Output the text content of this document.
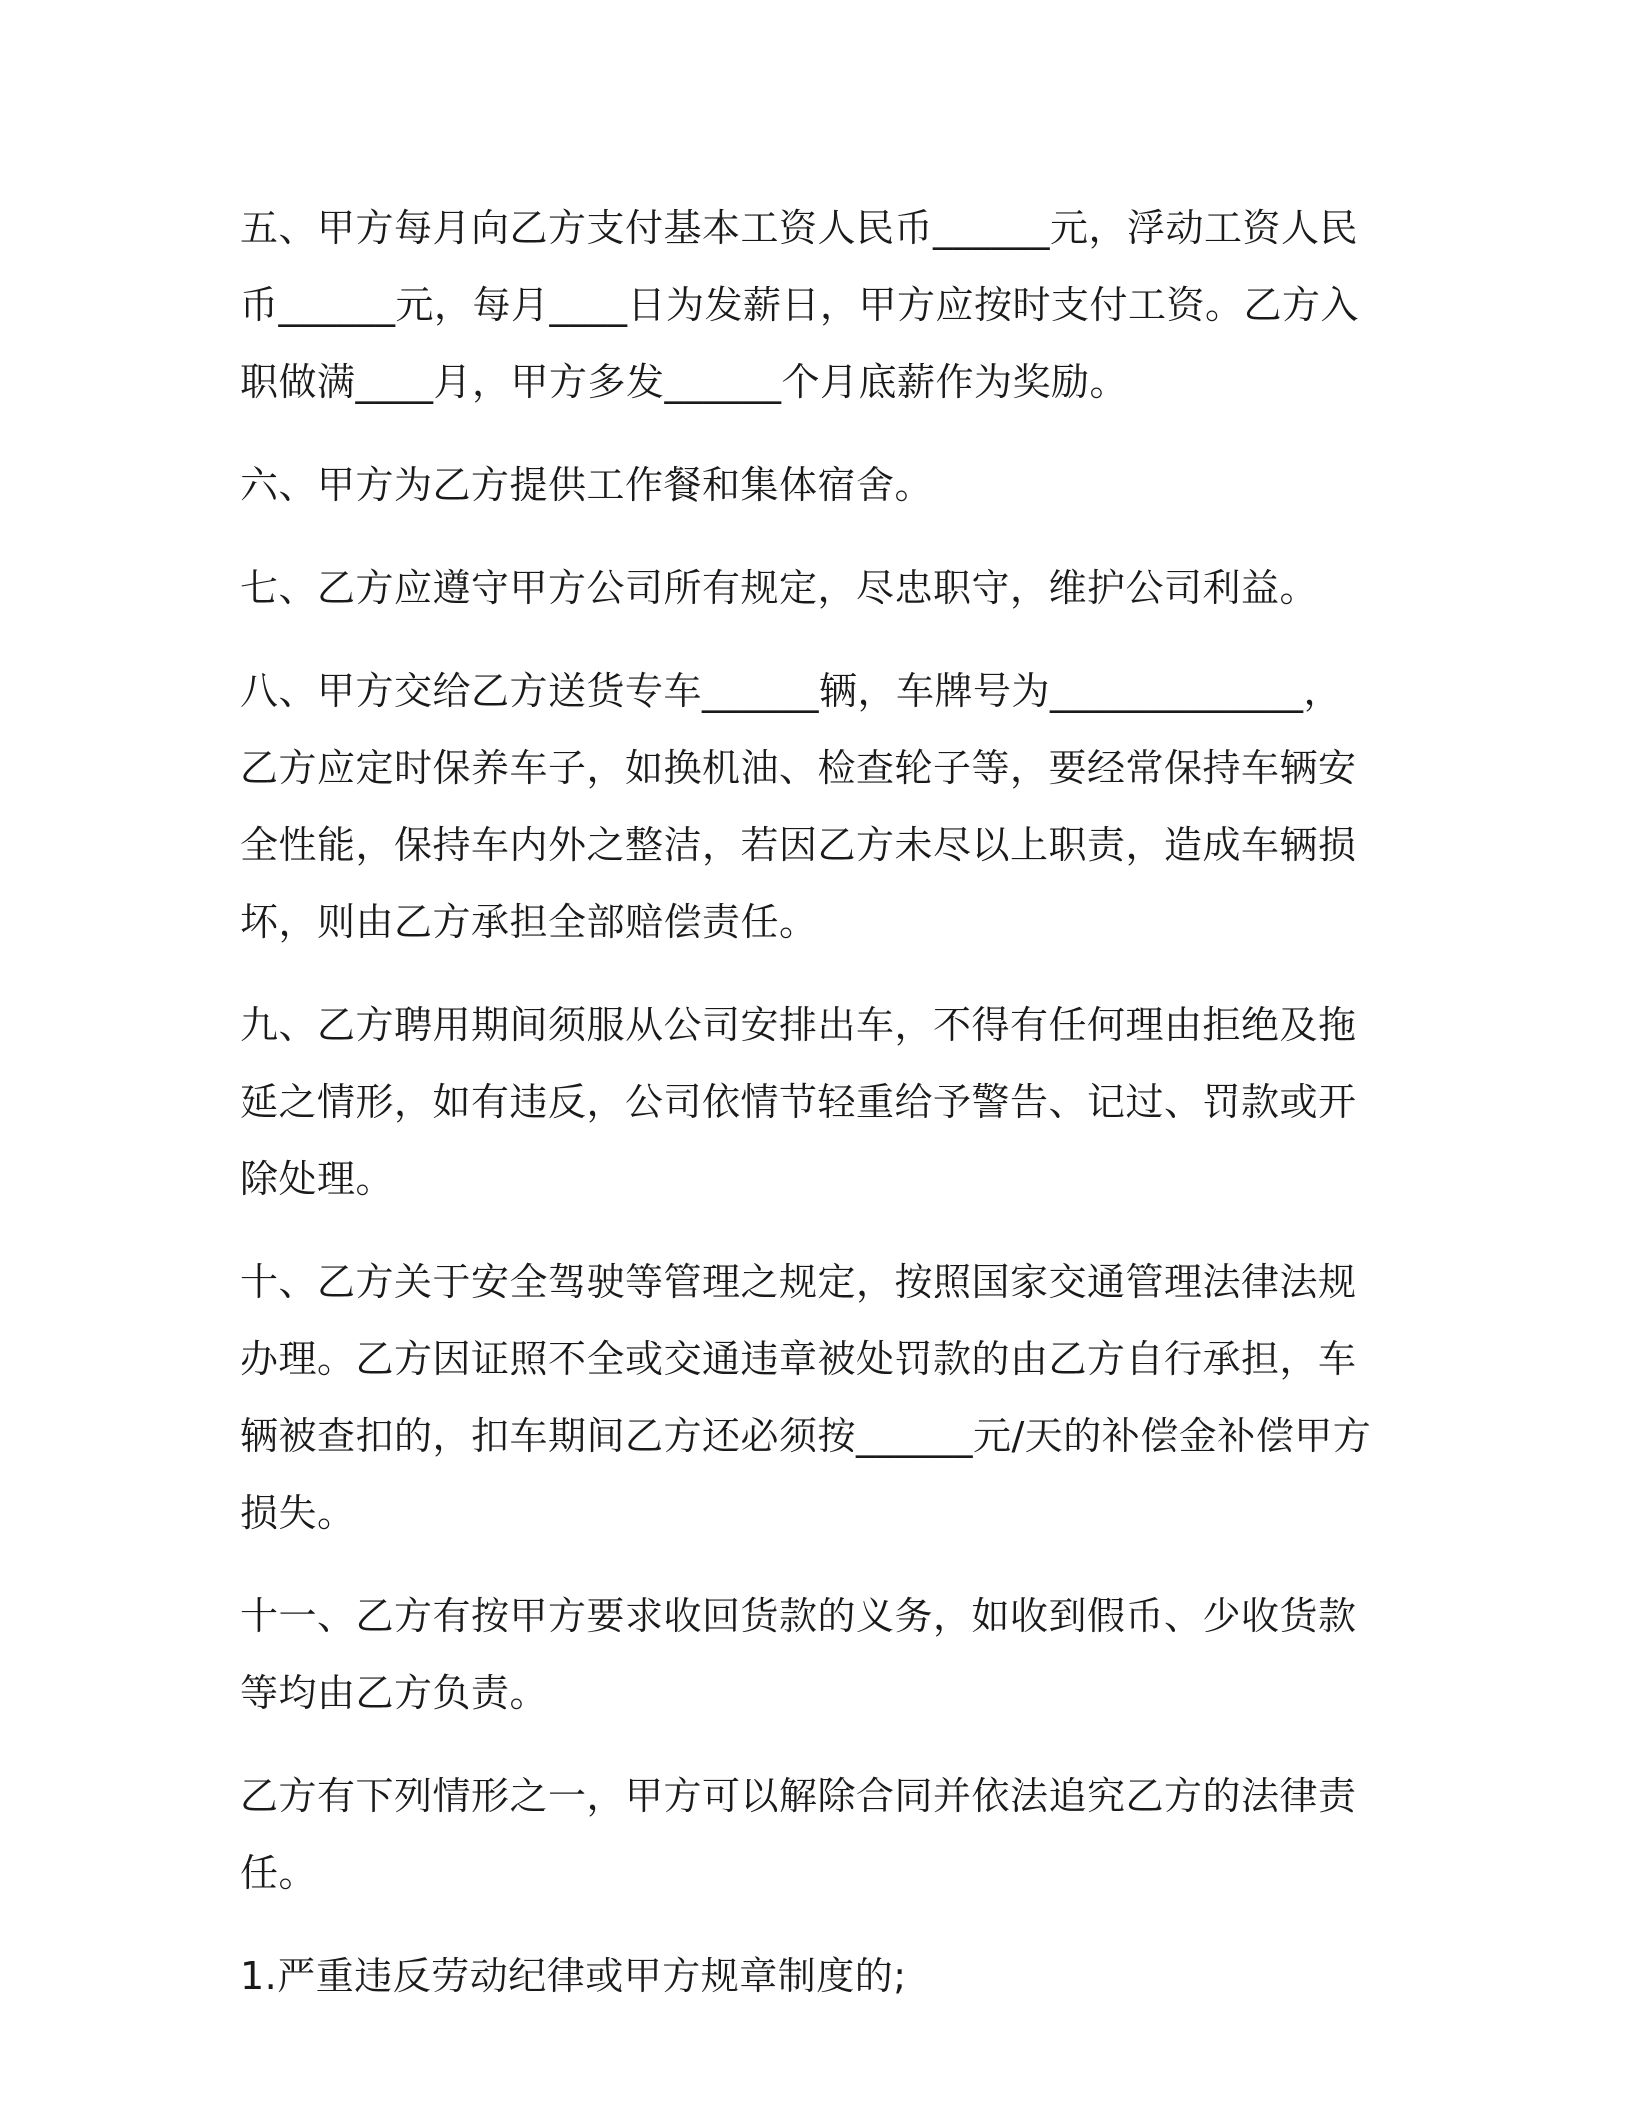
五、甲方每月向乙方支付基本工资人民币______元，浮动工资人民币______元，每月____日为发薪日，甲方应按时支付工资。乙方入职做满____月，甲方多发______个月底薪作为奖励。

六、甲方为乙方提供工作餐和集体宿舍。

七、乙方应遵守甲方公司所有规定，尽忠职守，维护公司利益。

八、甲方交给乙方送货专车______辆，车牌号为_____________，乙方应定时保养车子，如换机油、检查轮子等，要经常保持车辆安全性能，保持车内外之整洁，若因乙方未尽以上职责，造成车辆损坏，则由乙方承担全部赔偿责任。

九、乙方聘用期间须服从公司安排出车，不得有任何理由拒绝及拖延之情形，如有违反，公司依情节轻重给予警告、记过、罚款或开除处理。

十、乙方关于安全驾驶等管理之规定，按照国家交通管理法律法规办理。乙方因证照不全或交通违章被处罚款的由乙方自行承担，车辆被查扣的，扣车期间乙方还必须按______元/天的补偿金补偿甲方损失。

十一、乙方有按甲方要求收回货款的义务，如收到假币、少收货款等均由乙方负责。

乙方有下列情形之一，甲方可以解除合同并依法追究乙方的法律责任。

1.严重违反劳动纪律或甲方规章制度的;
